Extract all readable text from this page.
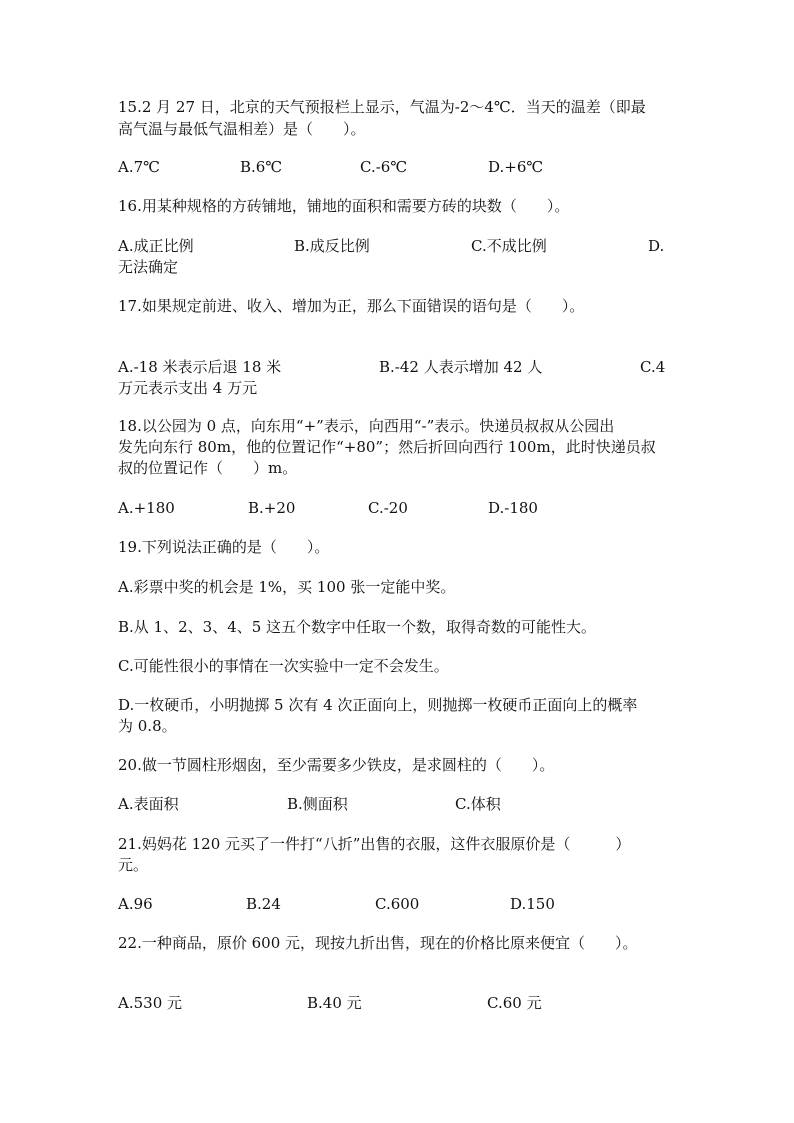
15.2 月 27 日，北京的天气预报栏上显示，气温为-2～4℃．当天的温差（即最
高气温与最低气温相差）是（　　）。
A.7℃	B.6℃	C.-6℃	D.+6℃
16.用某种规格的方砖铺地，铺地的面积和需要方砖的块数（　　）。
A.成正比例	B.成反比例	C.不成比例	D.
无法确定
17.如果规定前进、收入、增加为正，那么下面错误的语句是（　　）。
A.-18 米表示后退 18 米	B.-42 人表示增加 42 人	C.4
万元表示支出 4 万元
18.以公园为 0 点，向东用“+”表示，向西用“-”表示。快递员叔叔从公园出
发先向东行 80m，他的位置记作“+80”；然后折回向西行 100m，此时快递员叔
叔的位置记作（　　）m。
A.+180	B.+20	C.-20	D.-180
19.下列说法正确的是（　　）。
A.彩票中奖的机会是 1%，买 100 张一定能中奖。
B.从 1、2、3、4、5 这五个数字中任取一个数，取得奇数的可能性大。
C.可能性很小的事情在一次实验中一定不会发生。
D.一枚硬币，小明抛掷 5 次有 4 次正面向上，则抛掷一枚硬币正面向上的概率
为 0.8。
20.做一节圆柱形烟囱，至少需要多少铁皮，是求圆柱的（　　）。
A.表面积	B.侧面积	C.体积
21.妈妈花 120 元买了一件打“八折”出售的衣服，这件衣服原价是（　　　）
元。
A.96	B.24	C.600	D.150
22.一种商品，原价 600 元，现按九折出售，现在的价格比原来便宜（　　）。
A.530 元	B.40 元	C.60 元
